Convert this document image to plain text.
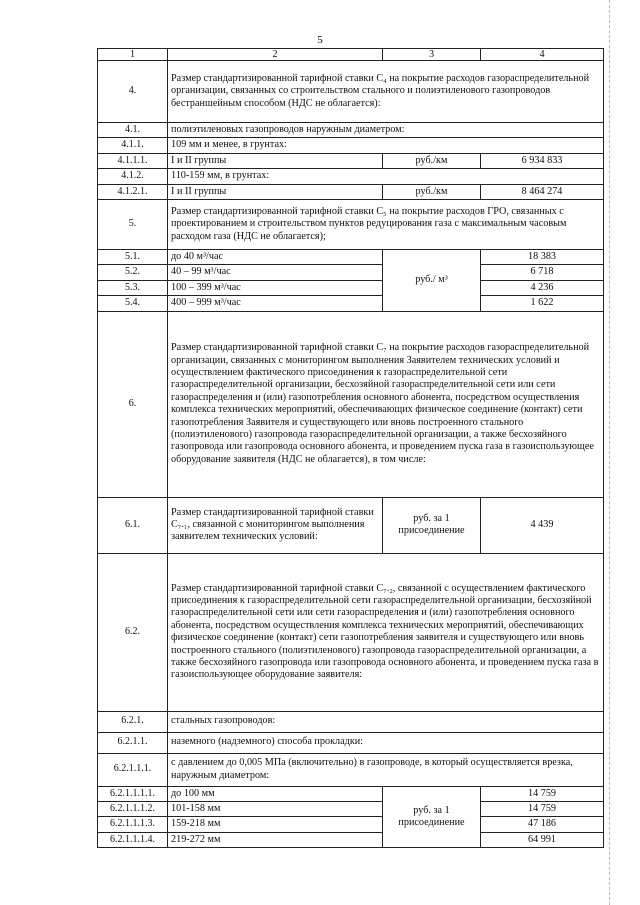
5
1	2	3	4
4.	Размер стандартизированной тарифной ставки С₄ на покрытие расходов газораспределительной организации, связанных со строительством стального и полиэтиленового газопроводов бестраншейным способом (НДС не облагается):		
4.1.	полиэтиленовых газопроводов наружным диаметром:		
4.1.1.	109 мм и менее, в грунтах:		
4.1.1.1.	I и II группы	руб./км	6 934 833
4.1.2.	110-159 мм, в грунтах:		
4.1.2.1.	I и II группы	руб./км	8 464 274
5.	Размер стандартизированной тарифной ставки С₅ на покрытие расходов ГРО, связанных с проектированием и строительством пунктов редуцирования газа с максимальным часовым расходом газа (НДС не облагается);		
5.1.	до 40 м³/час	руб./ м³	18 383
5.2.	40 – 99 м³/час		6 718
5.3.	100 – 399 м³/час		4 236
5.4.	400 – 999 м³/час		1 622
6.	Размер стандартизированной тарифной ставки С₇ на покрытие расходов газораспределительной организации, связанных с мониторингом выполнения Заявителем технических условий и осуществлением фактического присоединения к газораспределительной сети газораспределительной организации, бесхозяйной газораспределительной сети или сети газораспределения и (или) газопотребления основного абонента, посредством осуществления комплекса технических мероприятий, обеспечивающих физическое соединение (контакт) сети газопотребления Заявителя и существующего или вновь построенного стального (полиэтиленового) газопровода газораспределительной организации, а также бесхозяйного газопровода или газопровода основного абонента, и проведением пуска газа в газоиспользующее оборудование заявителя (НДС не облагается), в том числе:		
6.1.	Размер стандартизированной тарифной ставки С₇.₁, связанной с мониторингом выполнения заявителем технических условий:	руб. за 1 присоединение	4 439
6.2.	Размер стандартизированной тарифной ставки С₇.₂, связанной с осуществлением фактического присоединения к газораспределительной сети газораспределительной организации, бесхозяйной газораспределительной сети или сети газораспределения и (или) газопотребления основного абонента, посредством осуществления комплекса технических мероприятий, обеспечивающих физическое соединение (контакт) сети газопотребления заявителя и существующего или вновь построенного стального (полиэтиленового) газопровода газораспределительной организации, а также бесхозяйного газопровода или газопровода основного абонента, и проведением пуска газа в газоиспользующее оборудование заявителя:		
6.2.1.	стальных газопроводов:		
6.2.1.1.	наземного (надземного) способа прокладки:		
6.2.1.1.1.	с давлением до 0,005 МПа (включительно) в газопроводе, в который осуществляется врезка, наружным диаметром:		
6.2.1.1.1.1.	до 100 мм	руб. за 1 присоединение	14 759
6.2.1.1.1.2.	101-158 мм		14 759
6.2.1.1.1.3.	159-218 мм		47 186
6.2.1.1.1.4.	219-272 мм		64 991
